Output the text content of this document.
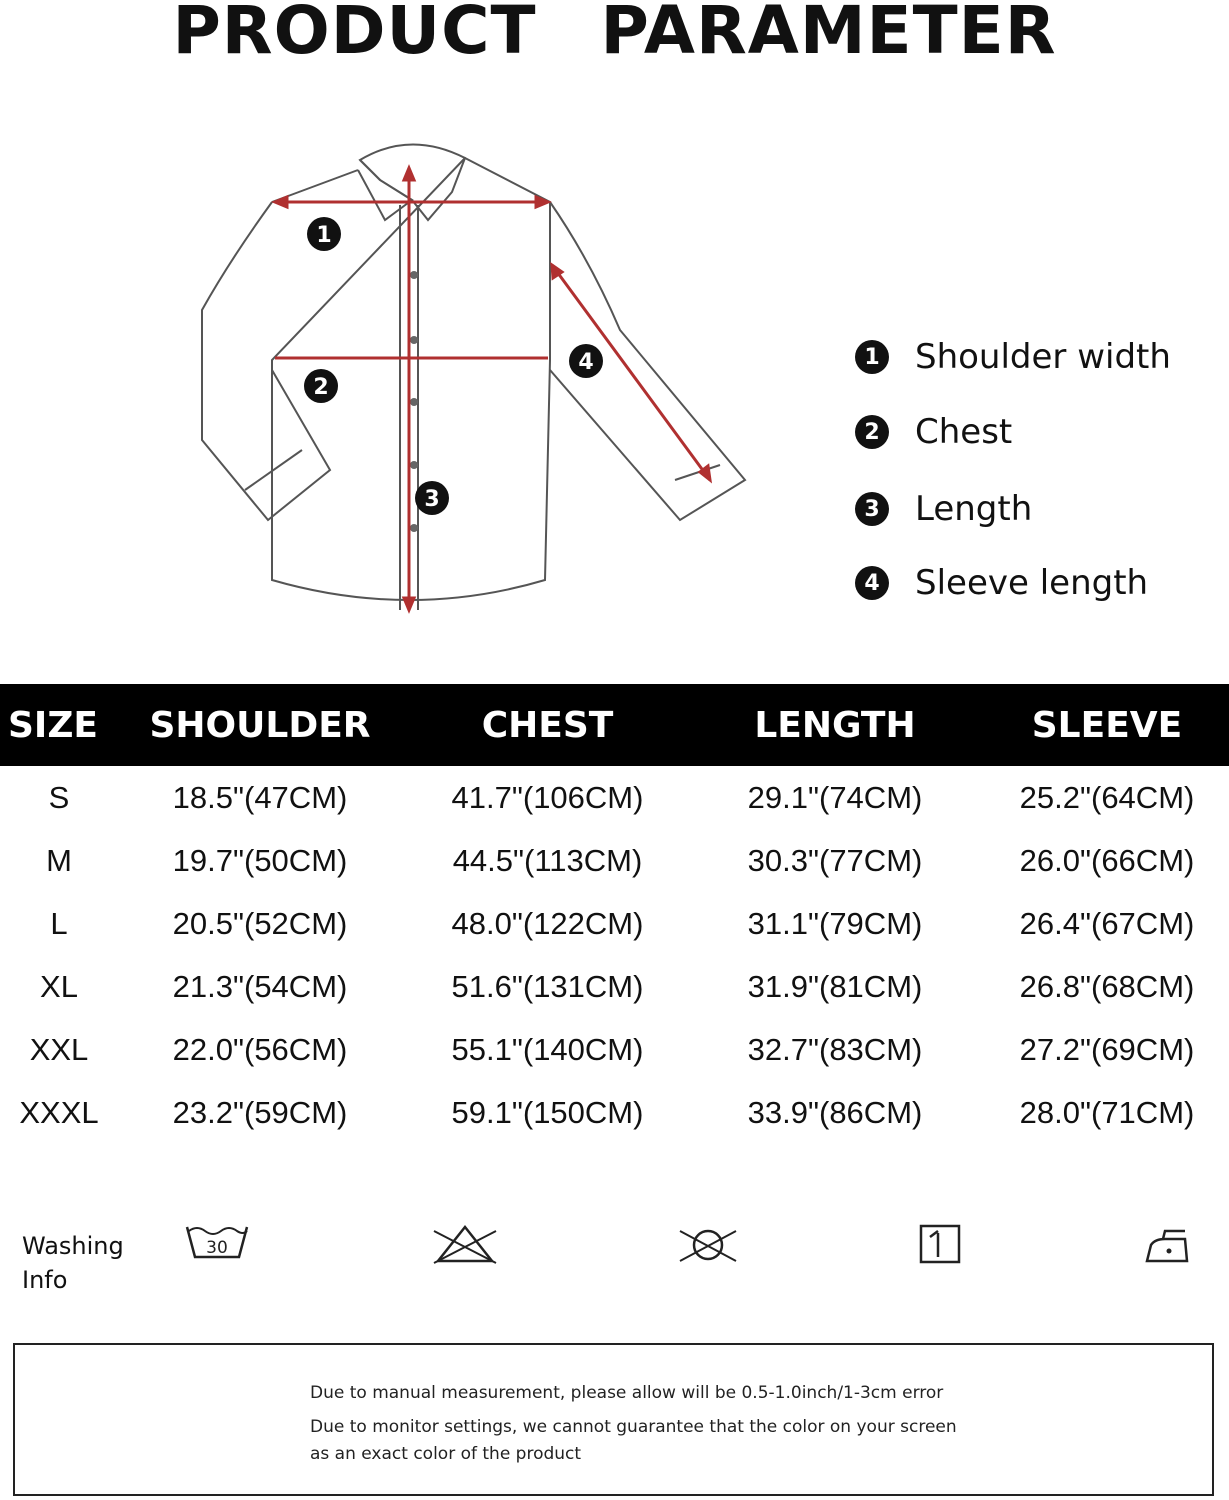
PRODUCT PARAMETER
1
2
3
4	1 Shoulder width
2 Chest
3 Length
4 Sleeve length
SIZE	SHOULDER	CHEST	LENGTH	SLEEVE
S	18.5"(47CM)	41.7"(106CM)	29.1"(74CM)	25.2"(64CM)
M	19.7"(50CM)	44.5"(113CM)	30.3"(77CM)	26.0"(66CM)
L	20.5"(52CM)	48.0"(122CM)	31.1"(79CM)	26.4"(67CM)
XL	21.3"(54CM)	51.6"(131CM)	31.9"(81CM)	26.8"(68CM)
XXL	22.0"(56CM)	55.1"(140CM)	32.7"(83CM)	27.2"(69CM)
XXXL	23.2"(59CM)	59.1"(150CM)	33.9"(86CM)	28.0"(71CM)
Washing
Info
30

Due to manual measurement, please allow will be 0.5-1.0inch/1-3cm error

Due to monitor settings, we cannot guarantee that the color on your screen

as an exact color of the product
